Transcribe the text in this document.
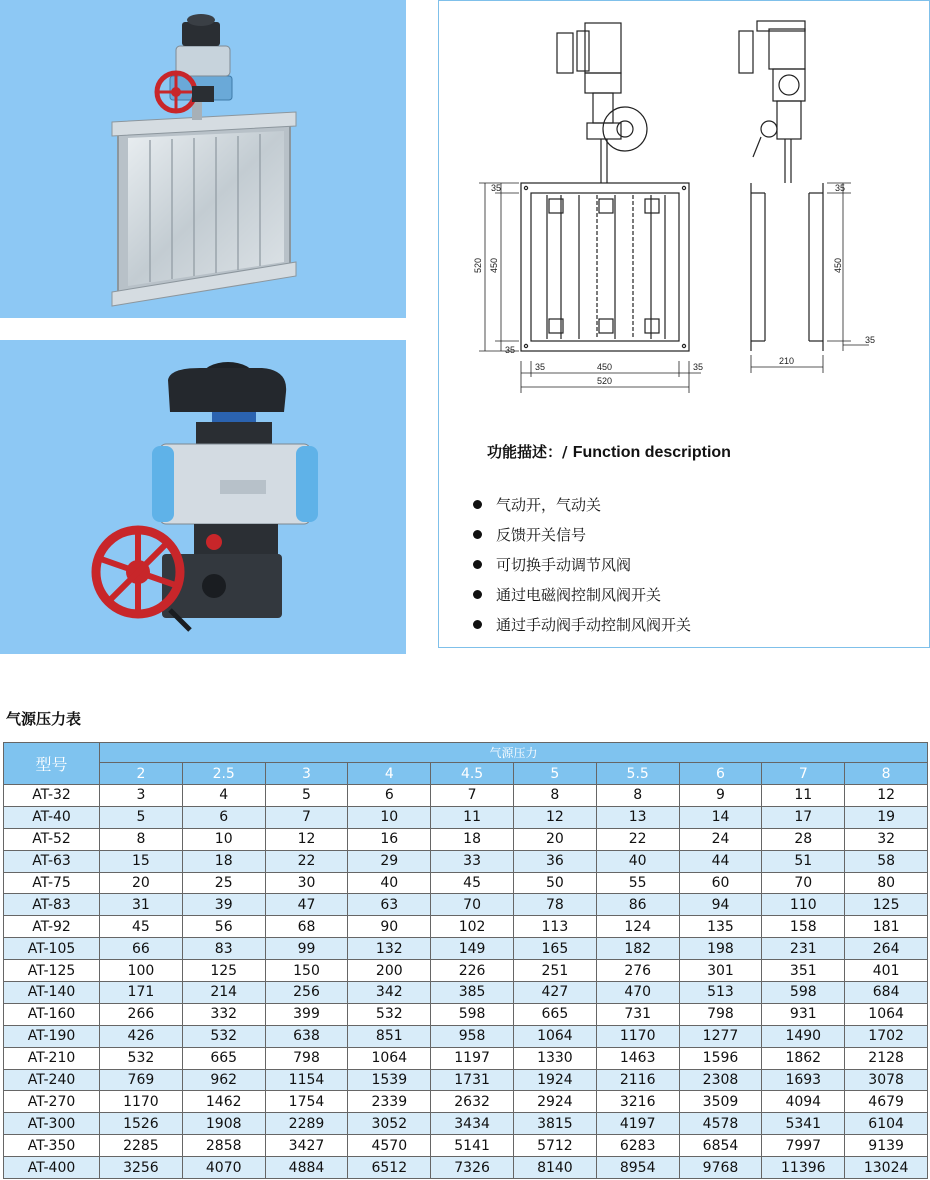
35
520 450
35
35	450	35
520
35
450
35
210
功能描述：/ Function description
气动开，气动关
反馈开关信号
可切换手动调节风阀
通过电磁阀控制风阀开关
通过手动阀手动控制风阀开关
气源压力表
型号	气源压力									
	2	2.5	3	4	4.5	5	5.5	6	7	8
AT-32	3	4	5	6	7	8	8	9	11	12
AT-40	5	6	7	10	11	12	13	14	17	19
AT-52	8	10	12	16	18	20	22	24	28	32
AT-63	15	18	22	29	33	36	40	44	51	58
AT-75	20	25	30	40	45	50	55	60	70	80
AT-83	31	39	47	63	70	78	86	94	110	125
AT-92	45	56	68	90	102	113	124	135	158	181
AT-105	66	83	99	132	149	165	182	198	231	264
AT-125	100	125	150	200	226	251	276	301	351	401
AT-140	171	214	256	342	385	427	470	513	598	684
AT-160	266	332	399	532	598	665	731	798	931	1064
AT-190	426	532	638	851	958	1064	1170	1277	1490	1702
AT-210	532	665	798	1064	1197	1330	1463	1596	1862	2128
AT-240	769	962	1154	1539	1731	1924	2116	2308	1693	3078
AT-270	1170	1462	1754	2339	2632	2924	3216	3509	4094	4679
AT-300	1526	1908	2289	3052	3434	3815	4197	4578	5341	6104
AT-350	2285	2858	3427	4570	5141	5712	6283	6854	7997	9139
AT-400	3256	4070	4884	6512	7326	8140	8954	9768	11396	13024
